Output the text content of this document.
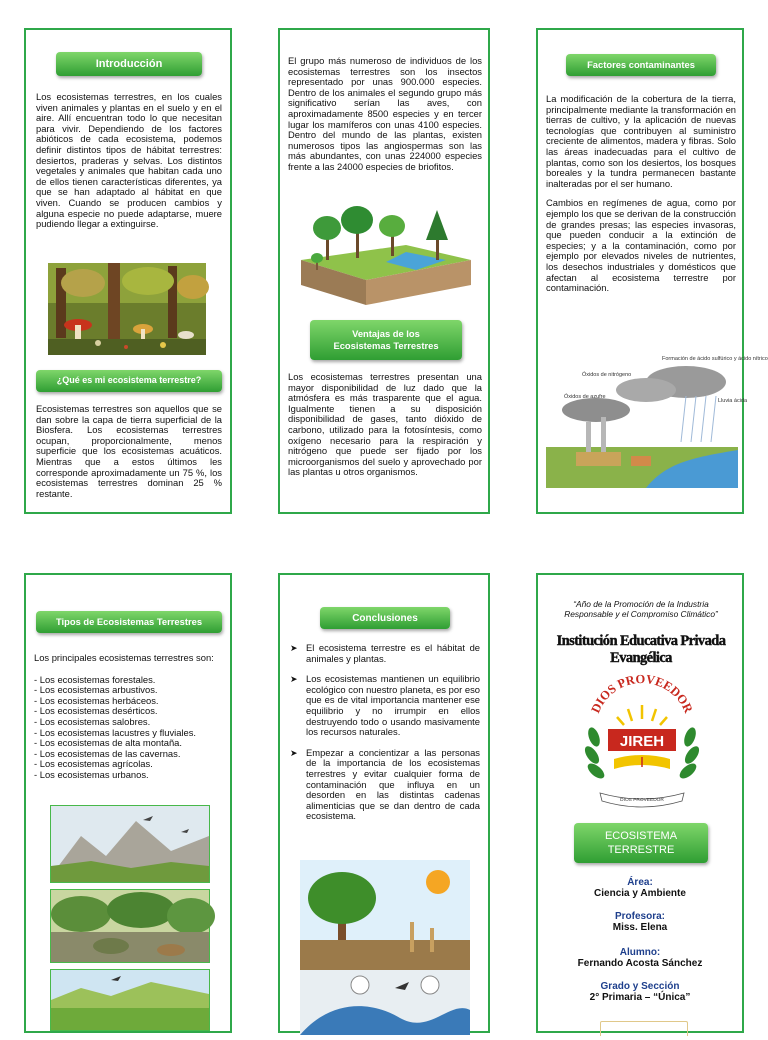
Introducción
Los ecosistemas terrestres, en los cuales viven animales y plantas en el suelo y en el aire. Allí encuentran todo lo que necesitan para vivir. Dependiendo de los factores abióticos de cada ecosistema, podemos definir distintos tipos de hábitat terrestres: desiertos, praderas y selvas. Los distintos vegetales y animales que habitan cada uno de ellos tienen características diferentes, ya que se han adaptado al hábitat en que viven. Cuando se producen cambios y alguna especie no puede adaptarse, muere pudiendo llegar a extinguirse.
¿Qué es mi ecosistema terrestre?
Ecosistemas terrestres son aquellos que se dan sobre la capa de tierra superficial de la Biosfera. Los ecosistemas terrestres ocupan, proporcionalmente, menos superficie que los ecosistemas acuáticos. Mientras que a estos últimos les corresponde aproximadamente un 75 %, los ecosistemas terrestres dominan 25 % restante.
El grupo más numeroso de individuos de los ecosistemas terrestres son los insectos representado por unas 900.000 especies. Dentro de los animales el segundo grupo más significativo serían las aves, con aproximadamente 8500 especies y en tercer lugar los mamíferos con unas 4100 especies. Dentro del mundo de las plantas, existen numerosos tipos las angiospermas son las más abundantes, con unas 224000 especies frente a las 24000 especies de briofitos.
Ventajas de los
Ecosistemas Terrestres
Los ecosistemas terrestres presentan una mayor disponibilidad de luz dado que la atmósfera es más trasparente que el agua. Igualmente tienen a su disposición disponibilidad de gases, tanto dióxido de carbono, utilizado para la fotosíntesis, como oxígeno necesario para la respiración y nitrógeno que puede ser fijado por los microorganismos del suelo y aprovechado por las plantas u otros organismos.
Factores contaminantes

La modificación de la cobertura de la tierra, principalmente mediante la transformación en tierras de cultivo, y la aplicación de nuevas tecnologías que contribuyen al suministro creciente de alimentos, madera y fibras. Solo las áreas inadecuadas para el cultivo de plantas, como son los desiertos, los bosques boreales y la tundra permanecen bastante inalteradas por el ser humano.

Cambios en regímenes de agua, como por ejemplo los que se derivan de la construcción de grandes presas; las especies invasoras, que pueden conducir a la extinción de especies; y a la contaminación, como por ejemplo por elevados niveles de nutrientes, los desechos industriales y domésticos que afectan al ecosistema terrestre por contaminación.

Formación de ácido sulfúrico y ácido nítrico
Óxidos de nitrógeno
Óxidos de azufre
Lluvia ácida
Tipos de Ecosistemas Terrestres
Los principales ecosistemas terrestres son:
- Los ecosistemas forestales.
- Los ecosistemas arbustivos.
- Los ecosistemas herbáceos.
- Los ecosistemas desérticos.
- Los ecosistemas salobres.
- Los ecosistemas lacustres y fluviales.
- Los ecosistemas de alta montaña.
- Los ecosistemas de las cavernas.
- Los ecosistemas agrícolas.
- Los ecosistemas urbanos.
Conclusiones
➤ El ecosistema terrestre es el hábitat de animales y plantas.
➤ Los ecosistemas mantienen un equilibrio ecológico con nuestro planeta, es por eso que es de vital importancia mantener ese equilibrio y no irrumpir en ellos destruyendo todo o usando masivamente los recursos naturales.
➤ Empezar a concientizar a las personas de la importancia de los ecosistemas terrestres y evitar cualquier forma de contaminación que influya en un desorden en las distintas cadenas alimenticias que se dan dentro de cada ecosistema.
“Año de la Promoción de la Industria Responsable y el Compromiso Climático”
Institución Educativa Privada Evangélica
DIOS PROVEEDOR
JIREH
DIOS PROVEEDOR
ECOSISTEMA
TERRESTRE
Área:
Ciencia y Ambiente
Profesora:
Miss. Elena
Alumno:
Fernando Acosta Sánchez
Grado y Sección
2° Primaria – “Única”
